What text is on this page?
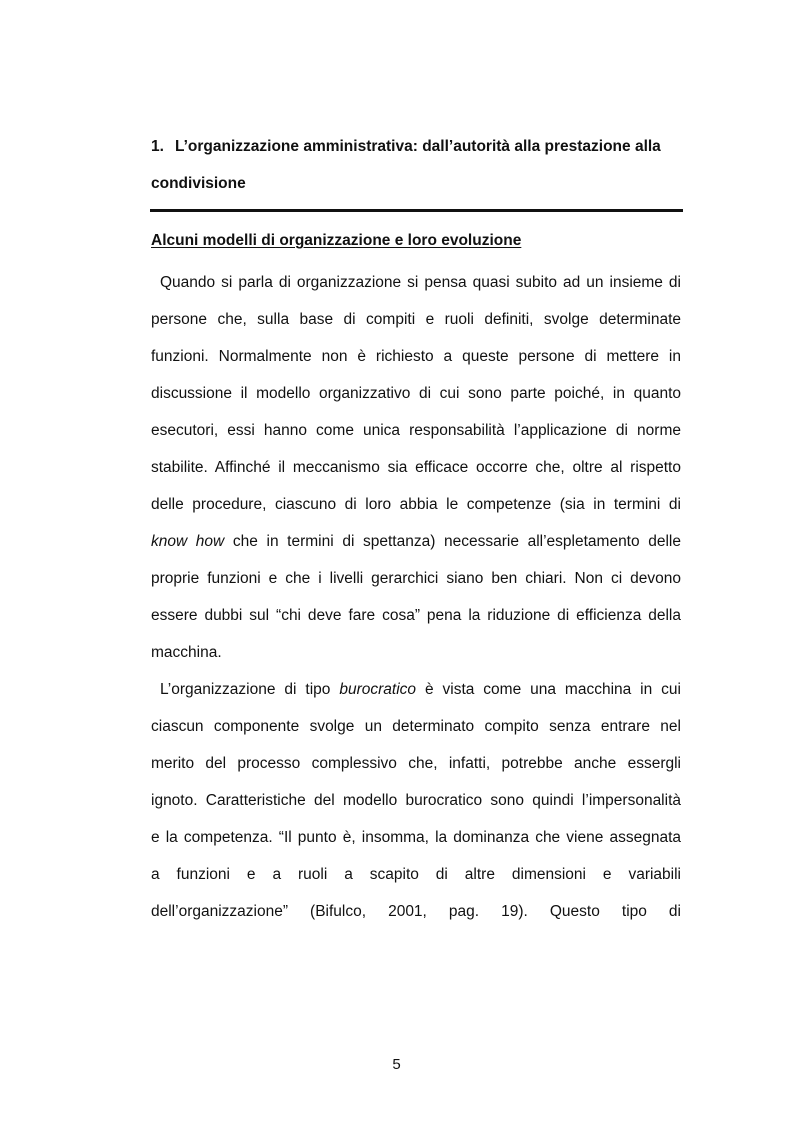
1. L’organizzazione amministrativa: dall’autorità alla prestazione alla
condivisione

Alcuni modelli di organizzazione e loro evoluzione

Quando si parla di organizzazione si pensa quasi subito ad un insieme di
persone che, sulla base di compiti e ruoli definiti, svolge determinate
funzioni. Normalmente non è richiesto a queste persone di mettere in
discussione il modello organizzativo di cui sono parte poiché, in quanto
esecutori, essi hanno come unica responsabilità l’applicazione di norme
stabilite. Affinché il meccanismo sia efficace occorre che, oltre al rispetto
delle procedure, ciascuno di loro abbia le competenze (sia in termini di
know how che in termini di spettanza) necessarie all’espletamento delle
proprie funzioni e che i livelli gerarchici siano ben chiari. Non ci devono
essere dubbi sul “chi deve fare cosa” pena la riduzione di efficienza della
macchina.
L’organizzazione di tipo burocratico è vista come una macchina in cui
ciascun componente svolge un determinato compito senza entrare nel
merito del processo complessivo che, infatti, potrebbe anche essergli
ignoto. Caratteristiche del modello burocratico sono quindi l’impersonalità
e la competenza. “Il punto è, insomma, la dominanza che viene assegnata
a funzioni e a ruoli a scapito di altre dimensioni e variabili
dell’organizzazione” (Bifulco, 2001, pag. 19). Questo tipo di

5
